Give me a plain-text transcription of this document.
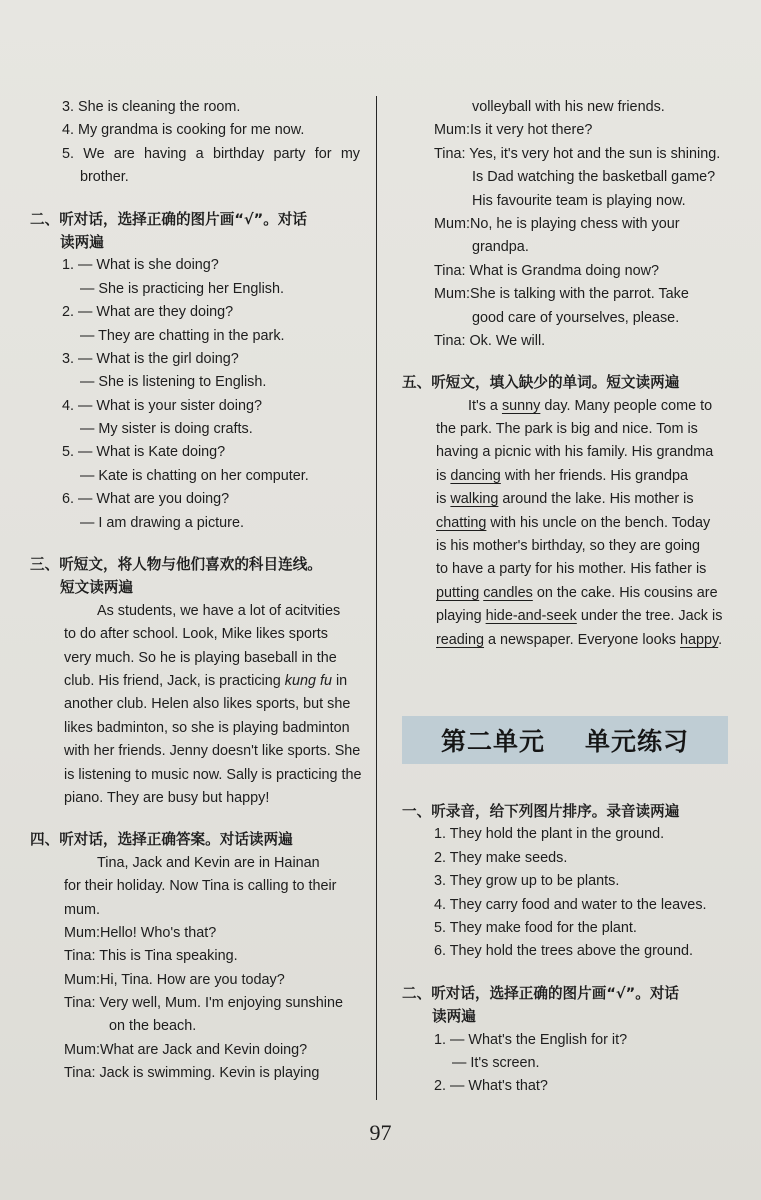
3. She is cleaning the room.
4. My grandma is cooking for me now.
5. We are having a birthday party for my
brother.
二、听对话，选择正确的图片画“√”。对话
读两遍
1. — What is she doing?
— She is practicing her English.
2. — What are they doing?
— They are chatting in the park.
3. — What is the girl doing?
— She is listening to English.
4. — What is your sister doing?
— My sister is doing crafts.
5. — What is Kate doing?
— Kate is chatting on her computer.
6. — What are you doing?
— I am drawing a picture.
三、听短文，将人物与他们喜欢的科目连线。
短文读两遍
As students, we have a lot of acitvities
to do after school. Look, Mike likes sports
very much. So he is playing baseball in the
club. His friend, Jack, is practicing kung fu in
another club. Helen also likes sports, but she
likes badminton, so she is playing badminton
with her friends. Jenny doesn't like sports. She
is listening to music now. Sally is practicing the
piano. They are busy but happy!
四、听对话，选择正确答案。对话读两遍
Tina, Jack and Kevin are in Hainan
for their holiday. Now Tina is calling to their
mum.
Mum:Hello! Who's that?
Tina: This is Tina speaking.
Mum:Hi, Tina. How are you today?
Tina: Very well, Mum. I'm enjoying sunshine
on the beach.
Mum:What are Jack and Kevin doing?
Tina: Jack is swimming. Kevin is playing
volleyball with his new friends.
Mum:Is it very hot there?
Tina: Yes, it's very hot and the sun is shining.
Is Dad watching the basketball game?
His favourite team is playing now.
Mum:No, he is playing chess with your
grandpa.
Tina: What is Grandma doing now?
Mum:She is talking with the parrot. Take
good care of yourselves, please.
Tina: Ok. We will.
五、听短文，填入缺少的单词。短文读两遍
It's a sunny day. Many people come to
the park. The park is big and nice. Tom is
having a picnic with his family. His grandma
is dancing with her friends. His grandpa
is walking around the lake. His mother is
chatting with his uncle on the bench. Today
is his mother's birthday, so they are going
to have a party for his mother. His father is
putting candles on the cake. His cousins are
playing hide-and-seek under the tree. Jack is
reading a newspaper. Everyone looks happy.
第二单元 单元练习
一、听录音，给下列图片排序。录音读两遍
1. They hold the plant in the ground.
2. They make seeds.
3. They grow up to be plants.
4. They carry food and water to the leaves.
5. They make food for the plant.
6. They hold the trees above the ground.
二、听对话，选择正确的图片画“√”。对话
读两遍
1. — What's the English for it?
— It's screen.
2. — What's that?
97
